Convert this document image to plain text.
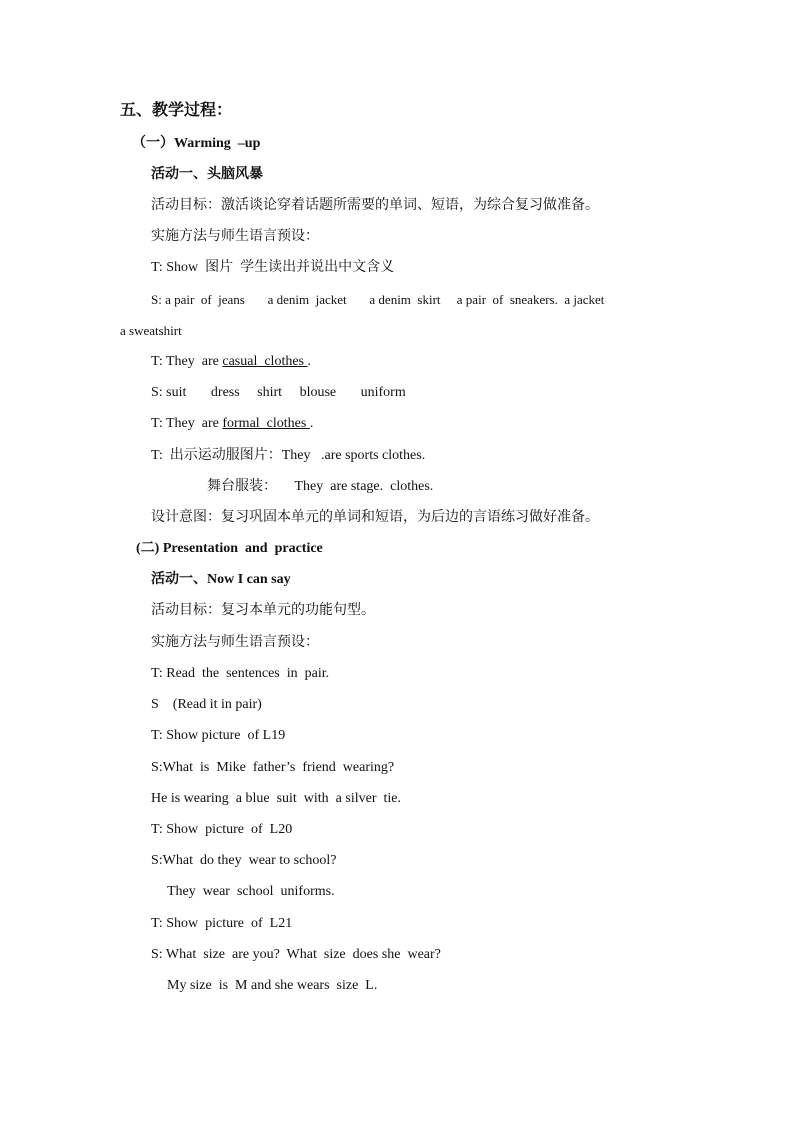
五、教学过程：
（一）Warming  –up
活动一、头脑风暴
活动目标：激活谈论穿着话题所需要的单词、短语，为综合复习做准备。
实施方法与师生语言预设：
T: Show  图片  学生读出并说出中文含义
S: a pair  of  jeans       a denim  jacket       a denim  skirt     a pair  of  sneakers.  a jacket
a sweatshirt
T: They  are casual  clothes .
S: suit       dress     shirt     blouse       uniform
T: They  are formal  clothes .
T:  出示运动服图片：They   .are sports clothes.
舞台服装：     They  are stage.  clothes.
设计意图：复习巩固本单元的单词和短语，为后边的言语练习做好准备。
(二) Presentation  and  practice
活动一、Now I can say
活动目标：复习本单元的功能句型。
实施方法与师生语言预设：
T: Read  the  sentences  in  pair.
S    (Read it in pair)
T: Show picture  of L19
S:What  is  Mike  father’s  friend  wearing?
He is wearing  a blue  suit  with  a silver  tie.
T: Show  picture  of  L20
S:What  do they  wear to school?
They  wear  school  uniforms.
T: Show  picture  of  L21
S: What  size  are you?  What  size  does she  wear?
My size  is  M and she wears  size  L.
